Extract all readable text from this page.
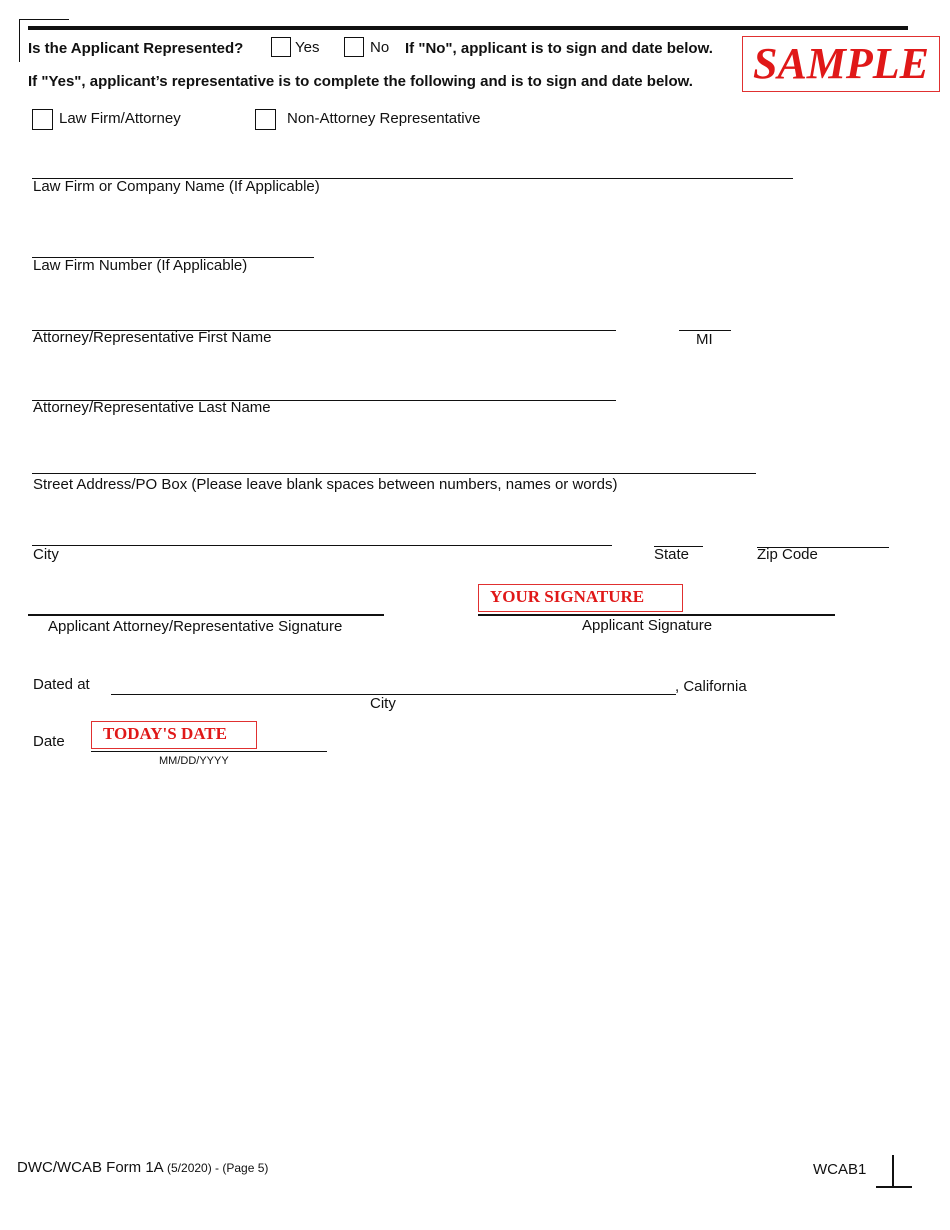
Is the Applicant Represented?	Yes	No If "No", applicant is to sign and date below.
If "Yes", applicant’s representative is to complete the following and is to sign and date below. SAMPLE
Law Firm/Attorney	Non-Attorney Representative
Law Firm or Company Name (If Applicable)
Law Firm Number (If Applicable)
Attorney/Representative First Name	MI
Attorney/Representative Last Name
Street Address/PO Box (Please leave blank spaces between numbers, names or words)
City	State	Zip Code
YOUR SIGNATURE
Applicant Attorney/Representative Signature	Applicant Signature
Dated at	, California
City
TODAY'S DATE
Date
MM/DD/YYYY
DWC/WCAB Form 1A (5/2020) - (Page 5)	WCAB1
